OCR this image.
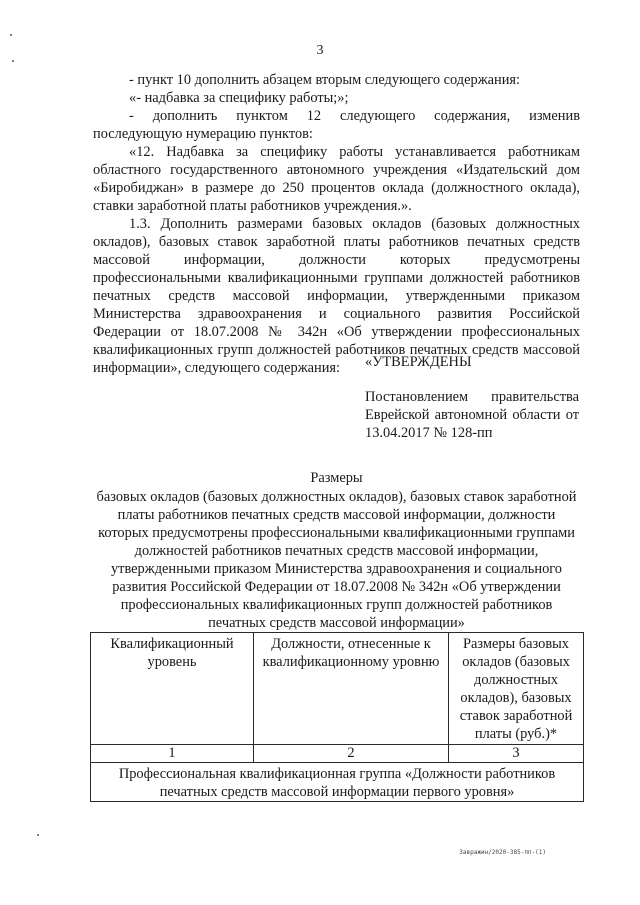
3

- пункт 10 дополнить абзацем вторым следующего содержания:

«- надбавка за специфику работы;»;

- дополнить пунктом 12 следующего содержания, изменив последующую нумерацию пунктов:

«12. Надбавка за специфику работы устанавливается работникам областного государственного автономного учреждения «Издательский дом «Биробиджан» в размере до 250 процентов оклада (должностного оклада), ставки заработной платы работников учреждения.».

1.3. Дополнить размерами базовых окладов (базовых должностных окладов), базовых ставок заработной платы работников печатных средств массовой информации, должности которых предусмотрены профессиональными квалификационными группами должностей работников печатных средств массовой информации, утвержденными приказом Министерства здравоохранения и социального развития Российской Федерации от 18.07.2008 № 342н «Об утверждении профессиональных квалификационных групп должностей работников печатных средств массовой информации», следующего содержания:	«УТВЕРЖДЕНЫ

Постановлением правительства Еврейской автономной области от 13.04.2017 № 128-пп

Размеры

базовых окладов (базовых должностных окладов), базовых ставок заработной платы работников печатных средств массовой информации, должности которых предусмотрены профессиональными квалификационными группами должностей работников печатных средств массовой информации, утвержденными приказом Министерства здравоохранения и социального развития Российской Федерации от 18.07.2008 № 342н «Об утверждении профессиональных квалификационных групп должностей работников печатных средств массовой информации»

Квалификационный уровень	Должности, отнесенные к квалификационному уровню	Размеры базовых окладов (базовых должностных окладов), базовых ставок заработной платы (руб.)*
1	2	3
Профессиональная квалификационная группа «Должности работников печатных средств массовой информации первого уровня»		
Завражин/2020-385-пп-(1)
